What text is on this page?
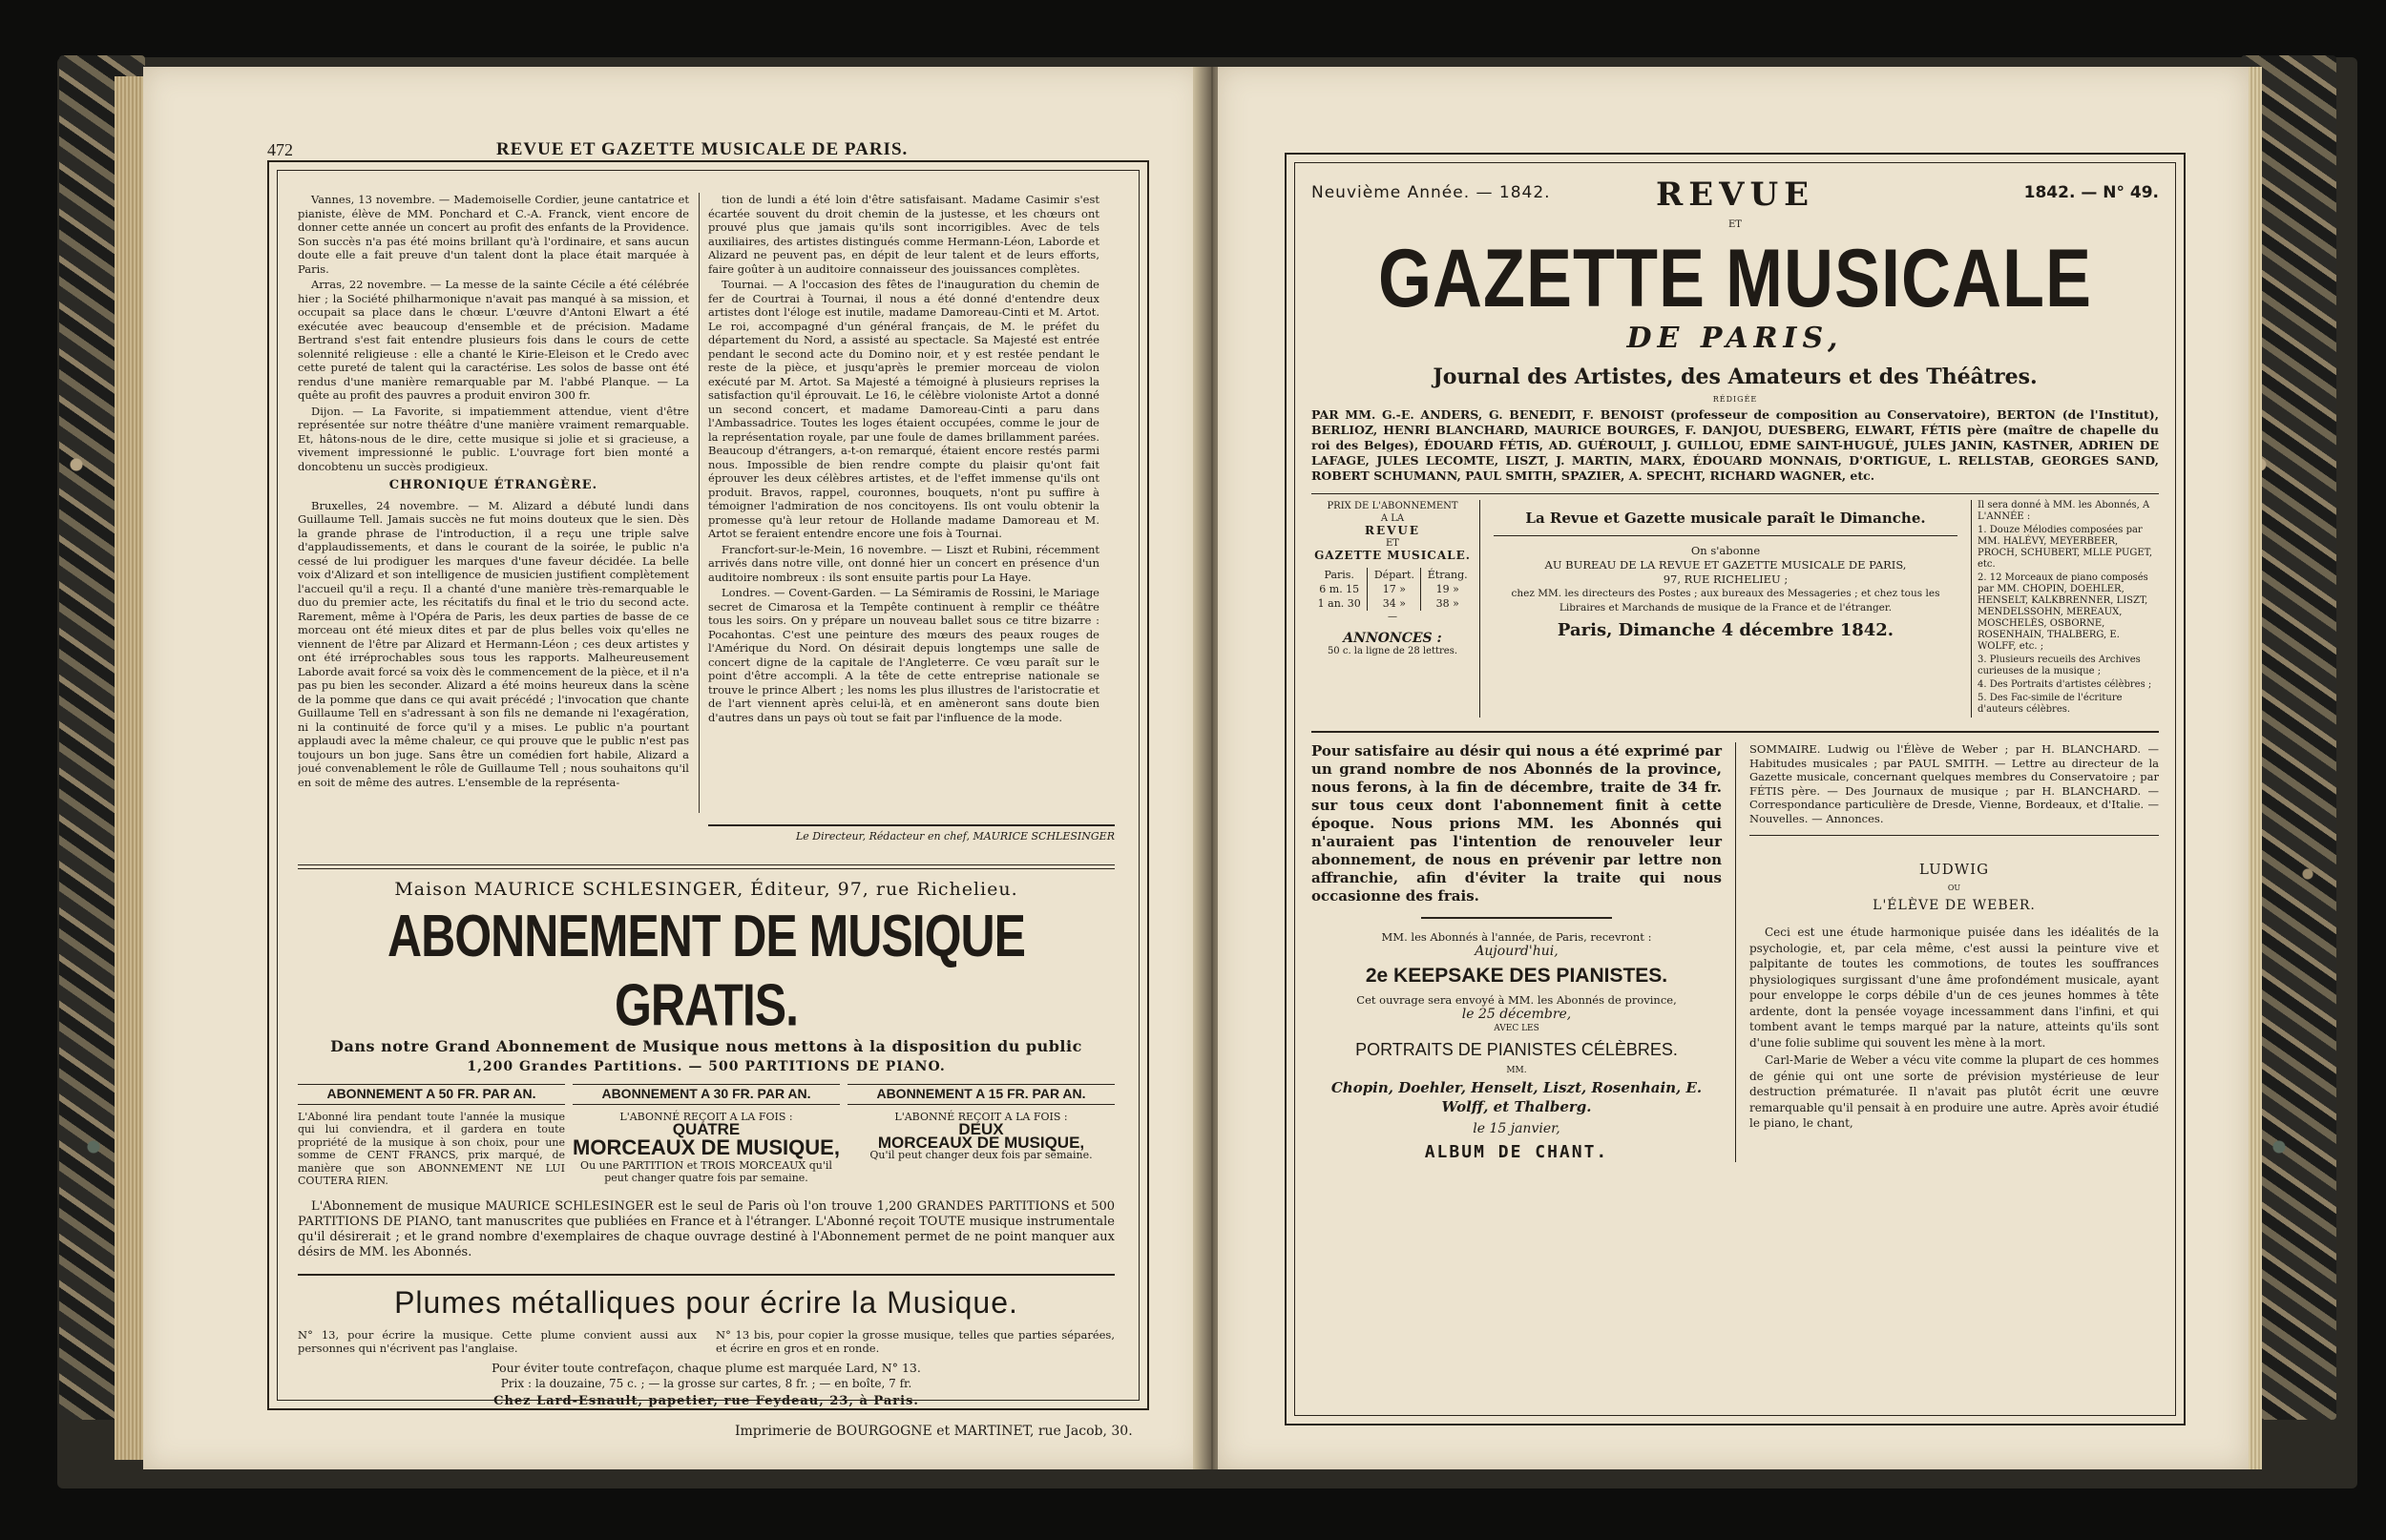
472	REVUE ET GAZETTE MUSICALE DE PARIS.

Vannes, 13 novembre. — Mademoiselle Cordier, jeune cantatrice et pianiste, élève de MM. Ponchard et C.-A. Franck, vient encore de donner cette année un concert au profit des enfants de la Providence. Son succès n'a pas été moins brillant qu'à l'ordinaire, et sans aucun doute elle a fait preuve d'un talent dont la place était marquée à Paris.

Arras, 22 novembre. — La messe de la sainte Cécile a été célébrée hier ; la Société philharmonique n'avait pas manqué à sa mission, et occupait sa place dans le chœur. L'œuvre d'Antoni Elwart a été exécutée avec beaucoup d'ensemble et de précision. Madame Bertrand s'est fait entendre plusieurs fois dans le cours de cette solennité religieuse : elle a chanté le Kirie-Eleison et le Credo avec cette pureté de talent qui la caractérise. Les solos de basse ont été rendus d'une manière remarquable par M. l'abbé Planque. — La quête au profit des pauvres a produit environ 300 fr.

Dijon. — La Favorite, si impatiemment attendue, vient d'être représentée sur notre théâtre d'une manière vraiment remarquable. Et, hâtons-nous de le dire, cette musique si jolie et si gracieuse, a vivement impressionné le public. L'ouvrage fort bien monté a doncobtenu un succès prodigieux.

CHRONIQUE ÉTRANGÈRE.

Bruxelles, 24 novembre. — M. Alizard a débuté lundi dans Guillaume Tell. Jamais succès ne fut moins douteux que le sien. Dès la grande phrase de l'introduction, il a reçu une triple salve d'applaudissements, et dans le courant de la soirée, le public n'a cessé de lui prodiguer les marques d'une faveur décidée. La belle voix d'Alizard et son intelligence de musicien justifient complètement l'accueil qu'il a reçu. Il a chanté d'une manière très-remarquable le duo du premier acte, les récitatifs du final et le trio du second acte. Rarement, même à l'Opéra de Paris, les deux parties de basse de ce morceau ont été mieux dites et par de plus belles voix qu'elles ne viennent de l'être par Alizard et Hermann-Léon ; ces deux artistes y ont été irréprochables sous tous les rapports. Malheureusement Laborde avait forcé sa voix dès le commencement de la pièce, et il n'a pas pu bien les seconder. Alizard a été moins heureux dans la scène de la pomme que dans ce qui avait précédé ; l'invocation que chante Guillaume Tell en s'adressant à son fils ne demande ni l'exagération, ni la continuité de force qu'il y a mises. Le public n'a pourtant applaudi avec la même chaleur, ce qui prouve que le public n'est pas toujours un bon juge. Sans être un comédien fort habile, Alizard a joué convenablement le rôle de Guillaume Tell ; nous souhaitons qu'il en soit de même des autres. L'ensemble de la représenta-

tion de lundi a été loin d'être satisfaisant. Madame Casimir s'est écartée souvent du droit chemin de la justesse, et les chœurs ont prouvé plus que jamais qu'ils sont incorrigibles. Avec de tels auxiliaires, des artistes distingués comme Hermann-Léon, Laborde et Alizard ne peuvent pas, en dépit de leur talent et de leurs efforts, faire goûter à un auditoire connaisseur des jouissances complètes.

Tournai. — A l'occasion des fêtes de l'inauguration du chemin de fer de Courtrai à Tournai, il nous a été donné d'entendre deux artistes dont l'éloge est inutile, madame Damoreau-Cinti et M. Artot. Le roi, accompagné d'un général français, de M. le préfet du département du Nord, a assisté au spectacle. Sa Majesté est entrée pendant le second acte du Domino noir, et y est restée pendant le reste de la pièce, et jusqu'après le premier morceau de violon exécuté par M. Artot. Sa Majesté a témoigné à plusieurs reprises la satisfaction qu'il éprouvait. Le 16, le célèbre violoniste Artot a donné un second concert, et madame Damoreau-Cinti a paru dans l'Ambassadrice. Toutes les loges étaient occupées, comme le jour de la représentation royale, par une foule de dames brillamment parées. Beaucoup d'étrangers, a-t-on remarqué, étaient encore restés parmi nous. Impossible de bien rendre compte du plaisir qu'ont fait éprouver les deux célèbres artistes, et de l'effet immense qu'ils ont produit. Bravos, rappel, couronnes, bouquets, n'ont pu suffire à témoigner l'admiration de nos concitoyens. Ils ont voulu obtenir la promesse qu'à leur retour de Hollande madame Damoreau et M. Artot se feraient entendre encore une fois à Tournai.

Francfort-sur-le-Mein, 16 novembre. — Liszt et Rubini, récemment arrivés dans notre ville, ont donné hier un concert en présence d'un auditoire nombreux : ils sont ensuite partis pour La Haye.

Londres. — Covent-Garden. — La Sémiramis de Rossini, le Mariage secret de Cimarosa et la Tempête continuent à remplir ce théâtre tous les soirs. On y prépare un nouveau ballet sous ce titre bizarre : Pocahontas. C'est une peinture des mœurs des peaux rouges de l'Amérique du Nord. On désirait depuis longtemps une salle de concert digne de la capitale de l'Angleterre. Ce vœu paraît sur le point d'être accompli. A la tête de cette entreprise nationale se trouve le prince Albert ; les noms les plus illustres de l'aristocratie et de l'art viennent après celui-là, et en amèneront sans doute bien d'autres dans un pays où tout se fait par l'influence de la mode.

Le Directeur, Rédacteur en chef, MAURICE SCHLESINGER
Maison MAURICE SCHLESINGER, Éditeur, 97, rue Richelieu.
ABONNEMENT DE MUSIQUE GRATIS.
Dans notre Grand Abonnement de Musique nous mettons à la disposition du public
1,200 Grandes Partitions. — 500 PARTITIONS DE PIANO.
ABONNEMENT A 50 FR. PAR AN.
L'Abonné lira pendant toute l'année la musique qui lui conviendra, et il gardera en toute propriété de la musique à son choix, pour une somme de CENT FRANCS, prix marqué, de manière que son ABONNEMENT NE LUI COUTERA RIEN.
ABONNEMENT A 30 FR. PAR AN.
L'ABONNÉ REÇOIT A LA FOIS :
QUATRE
MORCEAUX DE MUSIQUE,
Ou une PARTITION et TROIS MORCEAUX qu'il peut changer quatre fois par semaine.
ABONNEMENT A 15 FR. PAR AN.
L'ABONNÉ REÇOIT A LA FOIS :
DEUX
MORCEAUX DE MUSIQUE,
Qu'il peut changer deux fois par semaine.
L'Abonnement de musique MAURICE SCHLESINGER est le seul de Paris où l'on trouve 1,200 GRANDES PARTITIONS et 500 PARTITIONS DE PIANO, tant manuscrites que publiées en France et à l'étranger. L'Abonné reçoit TOUTE musique instrumentale qu'il désirerait ; et le grand nombre d'exemplaires de chaque ouvrage destiné à l'Abonnement permet de ne point manquer aux désirs de MM. les Abonnés.
Plumes métalliques pour écrire la Musique.
N° 13, pour écrire la musique. Cette plume convient aussi aux personnes qui n'écrivent pas l'anglaise.
N° 13 bis, pour copier la grosse musique, telles que parties séparées, et écrire en gros et en ronde.
Pour éviter toute contrefaçon, chaque plume est marquée Lard, N° 13.
Prix : la douzaine, 75 c. ; — la grosse sur cartes, 8 fr. ; — en boîte, 7 fr.
Chez Lard-Esnault, papetier, rue Feydeau, 23, à Paris.
Imprimerie de BOURGOGNE et MARTINET, rue Jacob, 30.
Neuvième Année. — 1842.	REVUE	1842. — N° 49.
ET
GAZETTE MUSICALE
DE PARIS,
Journal des Artistes, des Amateurs et des Théâtres.
RÉDIGÉE
PAR MM. G.-E. ANDERS, G. BENEDIT, F. BENOIST (professeur de composition au Conservatoire), BERTON (de l'Institut), BERLIOZ, HENRI BLANCHARD, MAURICE BOURGES, F. DANJOU, DUESBERG, ELWART, FÉTIS père (maître de chapelle du roi des Belges), ÉDOUARD FÉTIS, AD. GUÉROULT, J. GUILLOU, EDME SAINT-HUGUÉ, JULES JANIN, KASTNER, ADRIEN DE LAFAGE, JULES LECOMTE, LISZT, J. MARTIN, MARX, ÉDOUARD MONNAIS, D'ORTIGUE, L. RELLSTAB, GEORGES SAND, ROBERT SCHUMANN, PAUL SMITH, SPAZIER, A. SPECHT, RICHARD WAGNER, etc.
PRIX DE L'ABONNEMENT
A LA
REVUE
ET
GAZETTE MUSICALE.
Paris.	Départ.	Étrang.
6 m. 15	17 »	19 »
1 an. 30	34 »	38 »
—
ANNONCES :
50 c. la ligne de 28 lettres.
La Revue et Gazette musicale paraît le Dimanche.
On s'abonne
AU BUREAU DE LA REVUE ET GAZETTE MUSICALE DE PARIS,
97, RUE RICHELIEU ;
chez MM. les directeurs des Postes ; aux bureaux des Messageries ; et chez tous les Libraires et Marchands de musique de la France et de l'étranger.
Paris, Dimanche 4 décembre 1842.
Il sera donné à MM. les Abonnés, A L'ANNÉE :
1. Douze Mélodies composées par MM. HALÉVY, MEYERBEER, PROCH, SCHUBERT, MLLE PUGET, etc.
2. 12 Morceaux de piano composés par MM. CHOPIN, DOEHLER, HENSELT, KALKBRENNER, LISZT, MENDELSSOHN, MEREAUX, MOSCHELÈS, OSBORNE, ROSENHAIN, THALBERG, E. WOLFF, etc. ;
3. Plusieurs recueils des Archives curieuses de la musique ;
4. Des Portraits d'artistes célèbres ;
5. Des Fac-simile de l'écriture d'auteurs célèbres.
Pour satisfaire au désir qui nous a été exprimé par un grand nombre de nos Abonnés de la province, nous ferons, à la fin de décembre, traite de 34 fr. sur tous ceux dont l'abonnement finit à cette époque. Nous prions MM. les Abonnés qui n'auraient pas l'intention de renouveler leur abonnement, de nous en prévenir par lettre non affranchie, afin d'éviter la traite qui nous occasionne des frais.
MM. les Abonnés à l'année, de Paris, recevront :
Aujourd'hui,
2e KEEPSAKE DES PIANISTES.
Cet ouvrage sera envoyé à MM. les Abonnés de province,
le 25 décembre,
AVEC LES
PORTRAITS DE PIANISTES CÉLÈBRES.
MM.
Chopin, Doehler, Henselt, Liszt, Rosenhain, E. Wolff, et Thalberg.
le 15 janvier,
ALBUM DE CHANT.
SOMMAIRE. Ludwig ou l'Élève de Weber ; par H. BLANCHARD. — Habitudes musicales ; par PAUL SMITH. — Lettre au directeur de la Gazette musicale, concernant quelques membres du Conservatoire ; par FÉTIS père. — Des Journaux de musique ; par H. BLANCHARD. — Correspondance particulière de Dresde, Vienne, Bordeaux, et d'Italie. — Nouvelles. — Annonces.
LUDWIG
OU
L'ÉLÈVE DE WEBER.

Ceci est une étude harmonique puisée dans les idéalités de la psychologie, et, par cela même, c'est aussi la peinture vive et palpitante de toutes les commotions, de toutes les souffrances physiologiques surgissant d'une âme profondément musicale, ayant pour enveloppe le corps débile d'un de ces jeunes hommes à tête ardente, dont la pensée voyage incessamment dans l'infini, et qui tombent avant le temps marqué par la nature, atteints qu'ils sont d'une folie sublime qui souvent les mène à la mort.

Carl-Marie de Weber a vécu vite comme la plupart de ces hommes de génie qui ont une sorte de prévision mystérieuse de leur destruction prématurée. Il n'avait pas plutôt écrit une œuvre remarquable qu'il pensait à en produire une autre. Après avoir étudié le piano, le chant,
